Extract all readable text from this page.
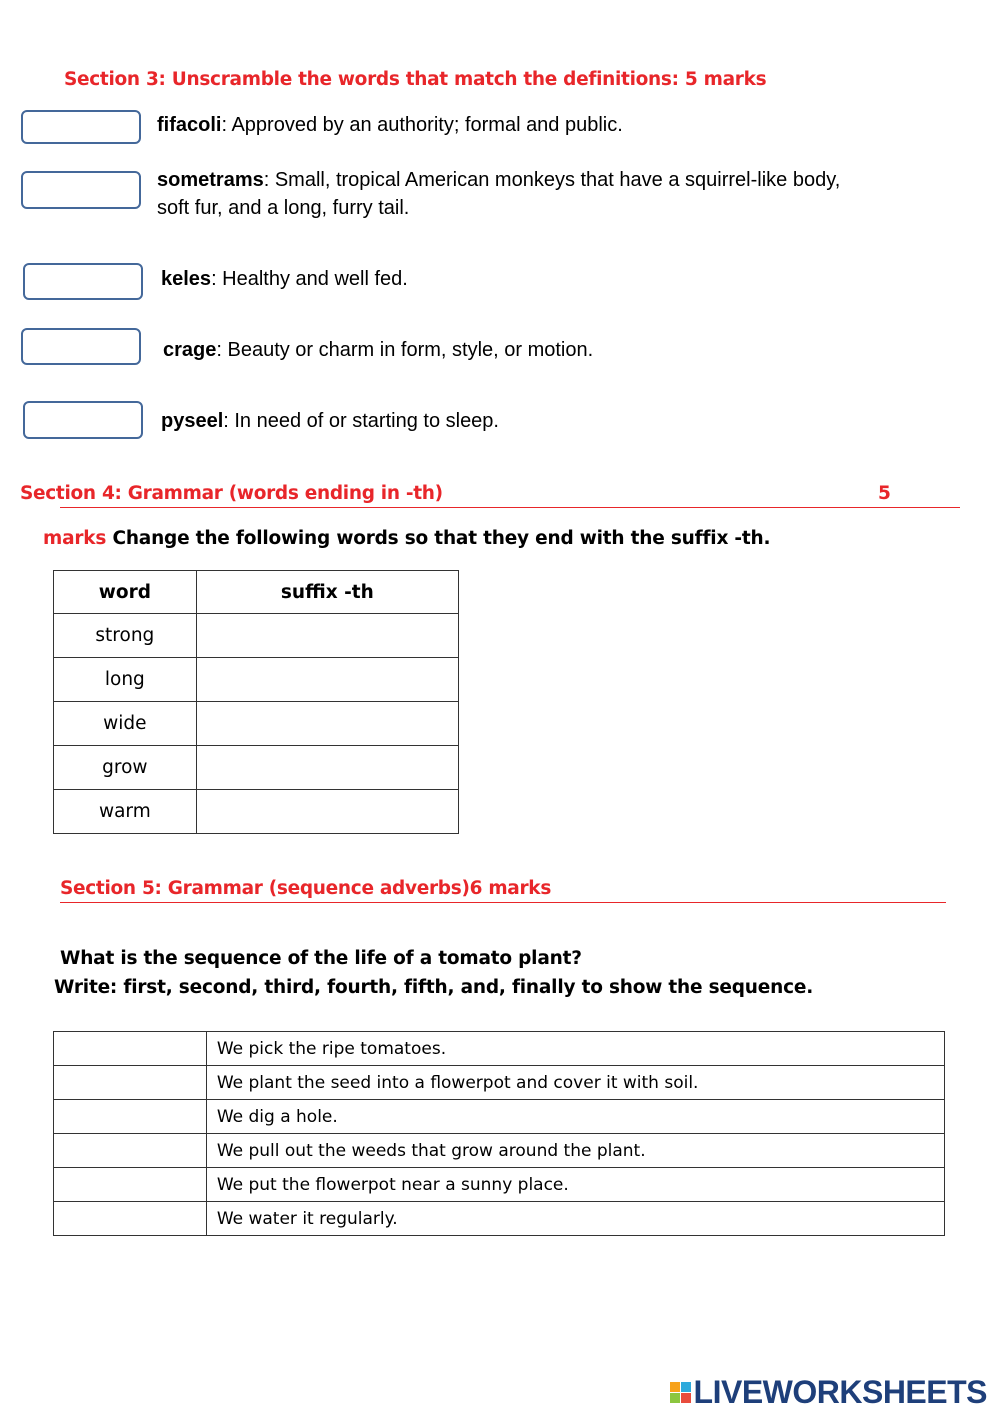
Section 3: Unscramble the words that match the definitions: 5 marks
fifacoli: Approved by an authority; formal and public.
sometrams: Small, tropical American monkeys that have a squirrel-like body,
soft fur, and a long, furry tail.
keles: Healthy and well fed.
crage: Beauty or charm in form, style, or motion.
pyseel: In need of or starting to sleep.
Section 4: Grammar (words ending in -th)	5
marks Change the following words so that they end with the suffix -th.
word	suffix -th
strong	
long	
wide	
grow	
warm	
Section 5: Grammar (sequence adverbs)6 marks
What is the sequence of the life of a tomato plant?
Write: first, second, third, fourth, fifth, and, finally to show the sequence.
	We pick the ripe tomatoes.
	We plant the seed into a flowerpot and cover it with soil.
	We dig a hole.
	We pull out the weeds that grow around the plant.
	We put the flowerpot near a sunny place.
	We water it regularly.
LIVEWORKSHEETS
